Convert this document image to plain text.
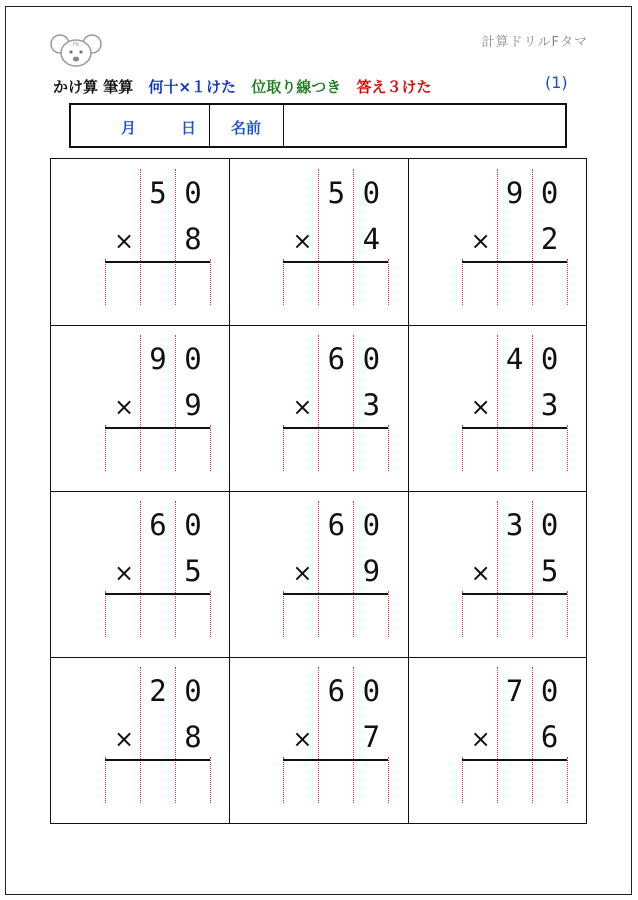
Fb	計算ドリルFタマ
かけ算 筆算 何十×１けた 位取り線つき 答え３けた	(1)
月	日 名前
5 0
× 8
5 0
× 4
9 0
× 2
9 0
× 9
6 0
× 3
4 0
× 3
6 0
× 5
6 0
× 9
3 0
× 5
2 0
× 8
6 0
× 7
7 0
× 6
